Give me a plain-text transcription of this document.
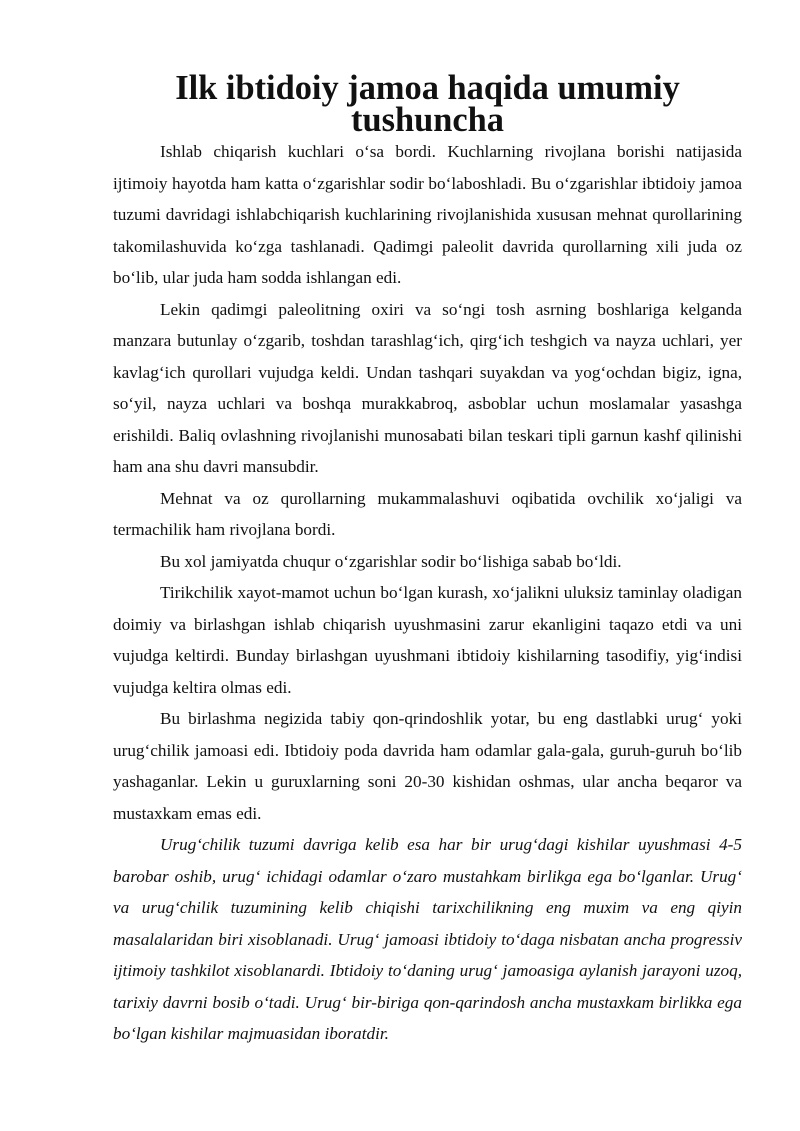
Ilk ibtidoiy jamoa haqida umumiy tushuncha

Ishlab chiqarish kuchlari o‘sa bordi. Kuchlarning rivojlana borishi natijasida ijtimoiy hayotda ham katta o‘zgarishlar sodir bo‘laboshladi. Bu o‘zgarishlar ibtidoiy jamoa tuzumi davridagi ishlabchiqarish kuchlarining rivojlanishida xususan mehnat qurollarining takomilashuvida ko‘zga tashlanadi. Qadimgi paleolit davrida qurollarning xili juda oz bo‘lib, ular juda ham sodda ishlangan edi.

Lekin qadimgi paleolitning oxiri va so‘ngi tosh asrning boshlariga kelganda manzara butunlay o‘zgarib, toshdan tarashlag‘ich, qirg‘ich teshgich va nayza uchlari, yer kavlag‘ich qurollari vujudga keldi. Undan tashqari suyakdan va yog‘ochdan bigiz, igna, so‘yil, nayza uchlari va boshqa murakkabroq, asboblar uchun moslamalar yasashga erishildi. Baliq ovlashning rivojlanishi munosabati bilan teskari tipli garnun kashf qilinishi ham ana shu davri mansubdir.

Mehnat va oz qurollarning mukammalashuvi oqibatida ovchilik xo‘jaligi va termachilik ham rivojlana bordi.

Bu xol jamiyatda chuqur o‘zgarishlar sodir bo‘lishiga sabab bo‘ldi.

Tirikchilik xayot-mamot uchun bo‘lgan kurash, xo‘jalikni uluksiz taminlay oladigan doimiy va birlashgan ishlab chiqarish uyushmasini zarur ekanligini taqazo etdi va uni vujudga keltirdi. Bunday birlashgan uyushmani ibtidoiy kishilarning tasodifiy, yig‘indisi vujudga keltira olmas edi.

Bu birlashma negizida tabiy qon-qrindoshlik yotar, bu eng dastlabki urug‘ yoki urug‘chilik jamoasi edi. Ibtidoiy poda davrida ham odamlar gala-gala, guruh-guruh bo‘lib yashaganlar. Lekin u guruxlarning soni 20-30 kishidan oshmas, ular ancha beqaror va mustaxkam emas edi.

Urug‘chilik tuzumi davriga kelib esa har bir urug‘dagi kishilar uyushmasi 4-5 barobar oshib, urug‘ ichidagi odamlar o‘zaro mustahkam birlikga ega bo‘lganlar. Urug‘ va urug‘chilik tuzumining kelib chiqishi tarixchilikning eng muxim va eng qiyin masalalaridan biri xisoblanadi. Urug‘ jamoasi ibtidoiy to‘daga nisbatan ancha progressiv ijtimoiy tashkilot xisoblanardi. Ibtidoiy to‘daning urug‘ jamoasiga aylanish jarayoni uzoq, tarixiy davrni bosib o‘tadi. Urug‘ bir-biriga qon-qarindosh ancha mustaxkam birlikka ega bo‘lgan kishilar majmuasidan iboratdir.
